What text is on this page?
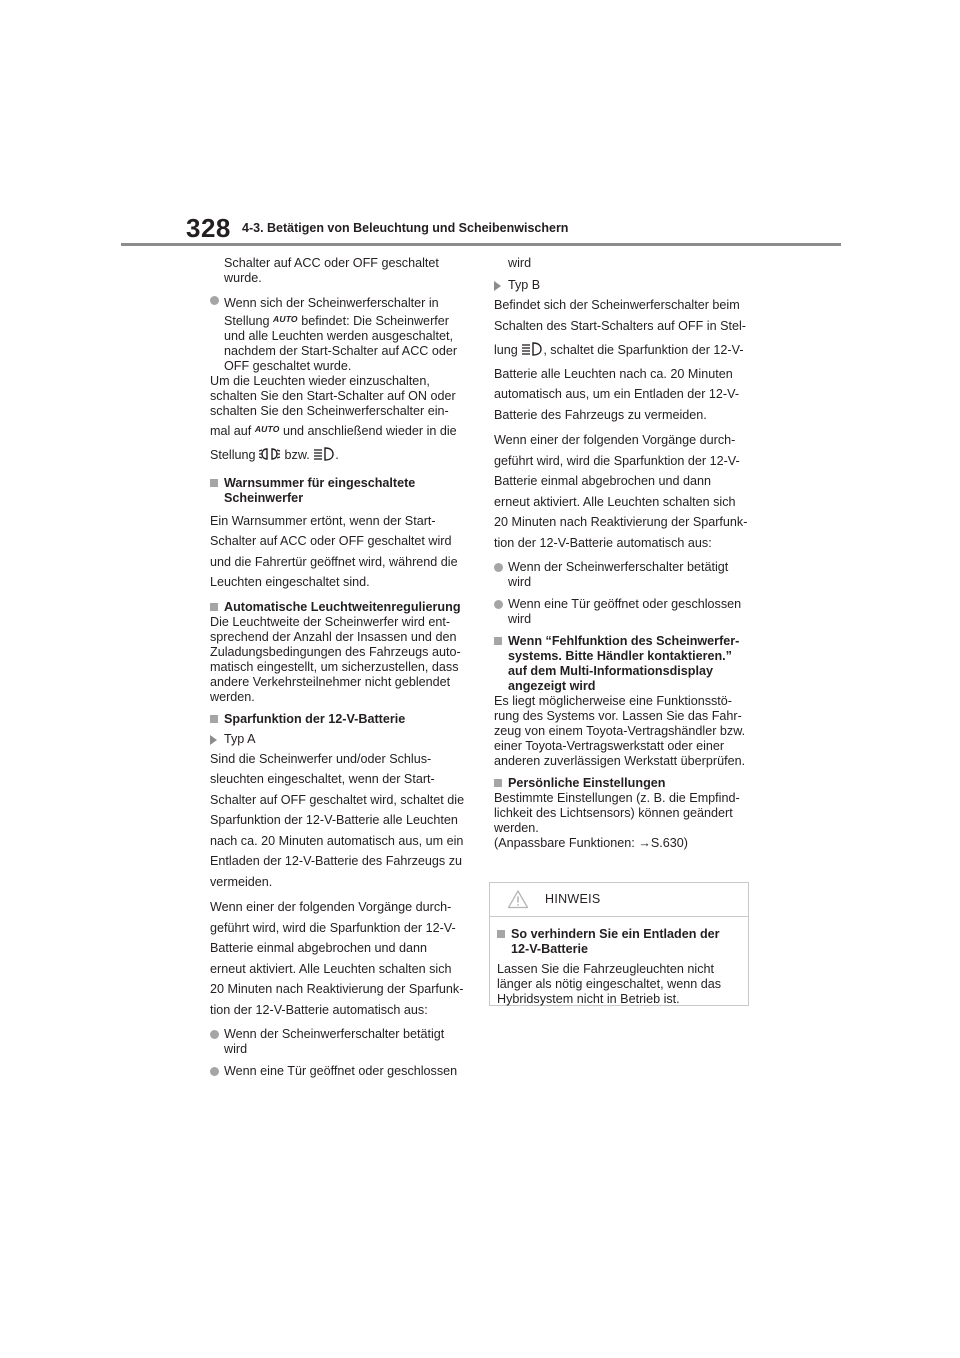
328 4-3. Betätigen von Beleuchtung und Scheibenwischern

Schalter auf ACC oder OFF geschaltet wurde.

Wenn sich der Scheinwerferschalter in

Stellung AUTO befindet: Die Scheinwerfer und alle Leuchten werden ausgeschaltet, nachdem der Start-Schalter auf ACC oder OFF geschaltet wurde.

Um die Leuchten wieder einzuschalten, schalten Sie den Start-Schalter auf ON oder schalten Sie den Scheinwerferschalter ein-

mal auf AUTO und anschließend wieder in die

Stellung  bzw. .

Warnsummer für eingeschaltete Scheinwerfer

Ein Warnsummer ertönt, wenn der Start-Schalter auf ACC oder OFF geschaltet wird und die Fahrertür geöffnet wird, während die Leuchten eingeschaltet sind.

Automatische Leuchtweitenregulierung

Die Leuchtweite der Scheinwerfer wird ent-sprechend der Anzahl der Insassen und den Zuladungsbedingungen des Fahrzeugs auto-matisch eingestellt, um sicherzustellen, dass andere Verkehrsteilnehmer nicht geblendet werden.

Sparfunktion der 12-V-Batterie

Typ A

Sind die Scheinwerfer und/oder Schlus-sleuchten eingeschaltet, wenn der Start-Schalter auf OFF geschaltet wird, schaltet die Sparfunktion der 12-V-Batterie alle Leuchten nach ca. 20 Minuten automatisch aus, um ein Entladen der 12-V-Batterie des Fahrzeugs zu vermeiden.

Wenn einer der folgenden Vorgänge durch-geführt wird, wird die Sparfunktion der 12-V-Batterie einmal abgebrochen und dann erneut aktiviert. Alle Leuchten schalten sich 20 Minuten nach Reaktivierung der Sparfunk-tion der 12-V-Batterie automatisch aus:

Wenn der Scheinwerferschalter betätigt wird

Wenn eine Tür geöffnet oder geschlossen

wird

Typ B

Befindet sich der Scheinwerferschalter beim Schalten des Start-Schalters auf OFF in Stel-

lung , schaltet die Sparfunktion der 12-V-

Batterie alle Leuchten nach ca. 20 Minuten automatisch aus, um ein Entladen der 12-V-Batterie des Fahrzeugs zu vermeiden.

Wenn einer der folgenden Vorgänge durch-geführt wird, wird die Sparfunktion der 12-V-Batterie einmal abgebrochen und dann erneut aktiviert. Alle Leuchten schalten sich 20 Minuten nach Reaktivierung der Sparfunk-tion der 12-V-Batterie automatisch aus:

Wenn der Scheinwerferschalter betätigt wird

Wenn eine Tür geöffnet oder geschlossen wird

Wenn “Fehlfunktion des Scheinwerfer-systems. Bitte Händler kontaktieren.” auf dem Multi-Informationsdisplay angezeigt wird

Es liegt möglicherweise eine Funktionsstö-rung des Systems vor. Lassen Sie das Fahr-zeug von einem Toyota-Vertragshändler bzw. einer Toyota-Vertragswerkstatt oder einer anderen zuverlässigen Werkstatt überprüfen.

Persönliche Einstellungen

Bestimmte Einstellungen (z. B. die Empfind-lichkeit des Lichtsensors) können geändert werden.

(Anpassbare Funktionen: →S.630)

HINWEIS

So verhindern Sie ein Entladen der 12-V-Batterie

Lassen Sie die Fahrzeugleuchten nicht länger als nötig eingeschaltet, wenn das Hybridsystem nicht in Betrieb ist.
